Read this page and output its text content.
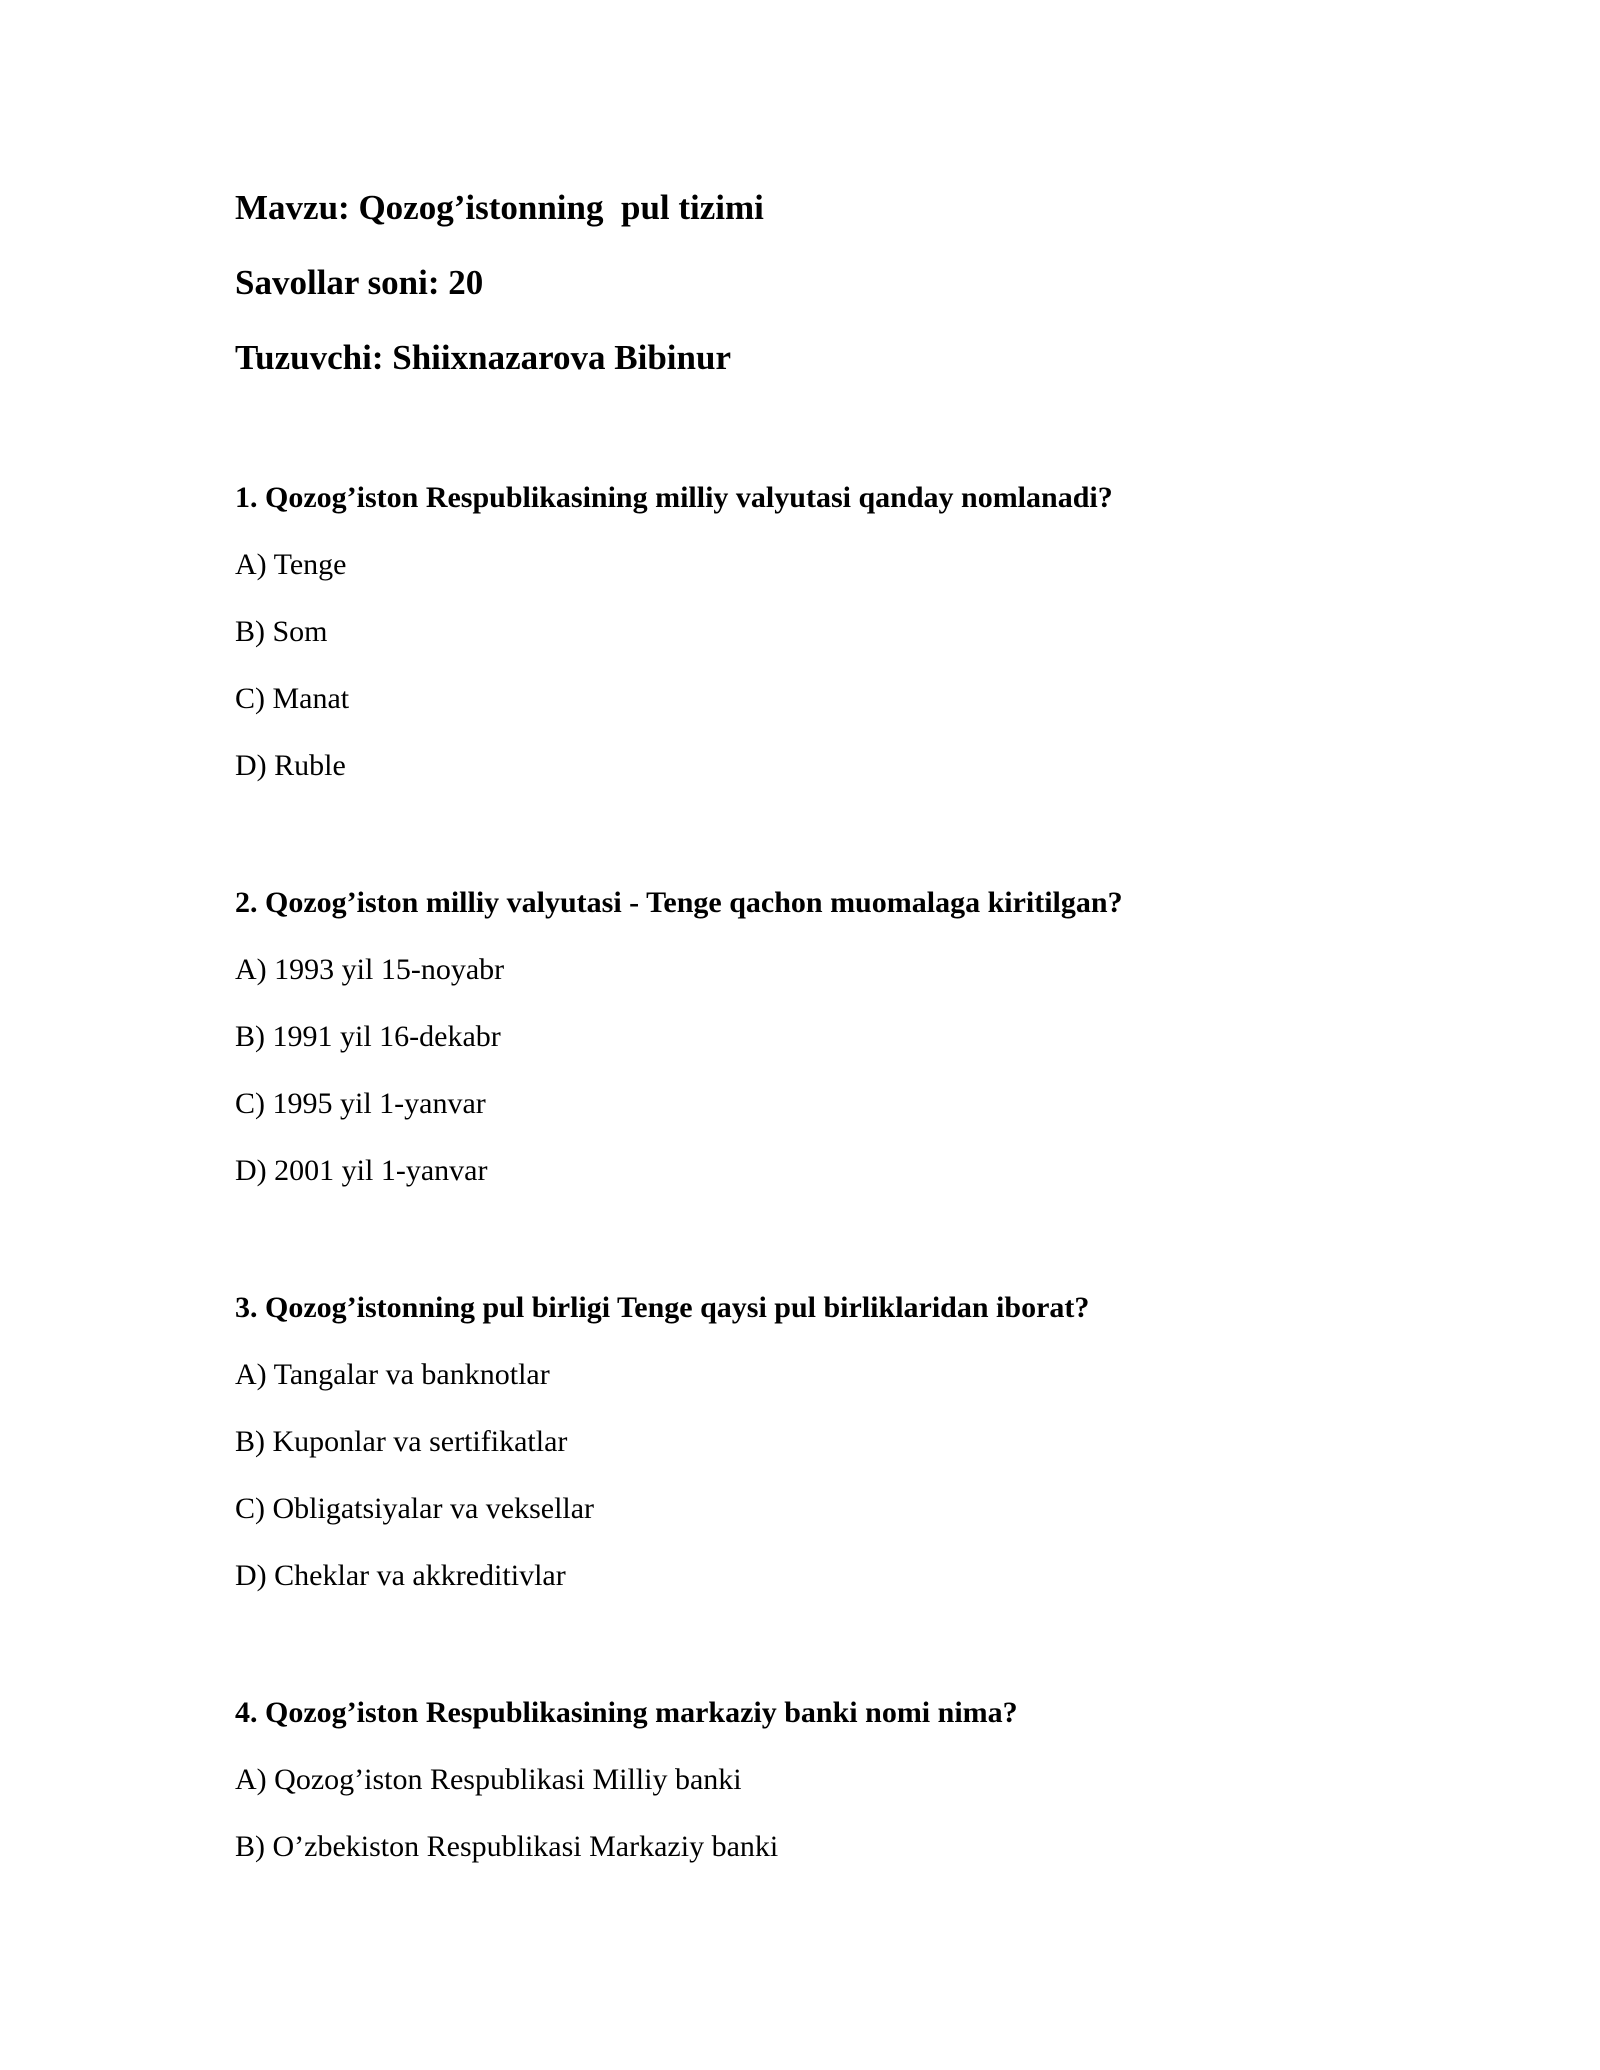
Mavzu: Qozog’istonning  pul tizimi
Savollar soni: 20
Tuzuvchi: Shiixnazarova Bibinur
1. Qozog’iston Respublikasining milliy valyutasi qanday nomlanadi?
A) Tenge
B) Som
C) Manat
D) Ruble
2. Qozog’iston milliy valyutasi - Tenge qachon muomalaga kiritilgan?
A) 1993 yil 15-noyabr
B) 1991 yil 16-dekabr
C) 1995 yil 1-yanvar
D) 2001 yil 1-yanvar
3. Qozog’istonning pul birligi Tenge qaysi pul birliklaridan iborat?
A) Tangalar va banknotlar
B) Kuponlar va sertifikatlar
C) Obligatsiyalar va veksellar
D) Cheklar va akkreditivlar
4. Qozog’iston Respublikasining markaziy banki nomi nima?
A) Qozog’iston Respublikasi Milliy banki
B) O’zbekiston Respublikasi Markaziy banki
